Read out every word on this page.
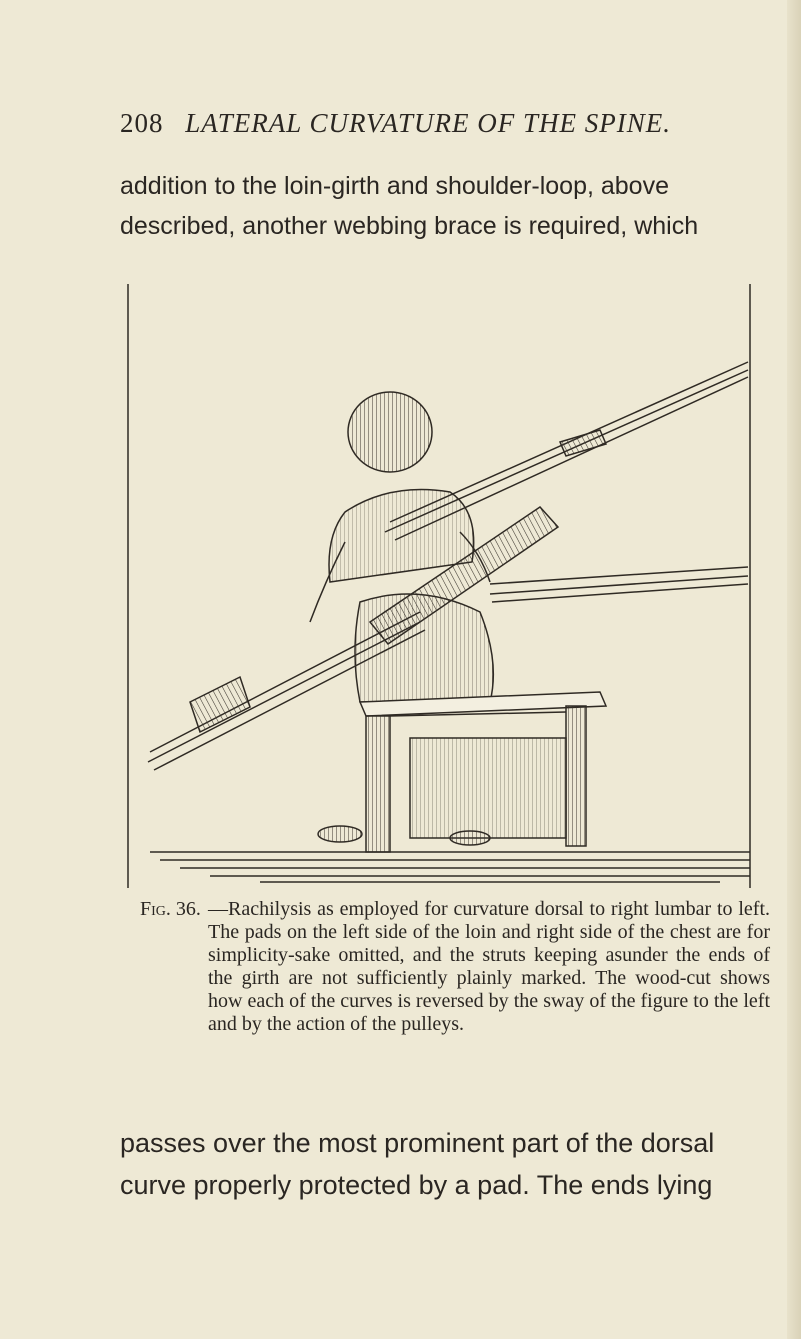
208 LATERAL CURVATURE OF THE SPINE.

addition to the loin-girth and shoulder-loop, above described, another webbing brace is required, which

Fig. 36. —Rachilysis as employed for curvature dorsal to right lumbar to left. The pads on the left side of the loin and right side of the chest are for simplicity-sake omitted, and the struts keeping asunder the ends of the girth are not sufficiently plainly marked. The wood-cut shows how each of the curves is reversed by the sway of the figure to the left and by the action of the pulleys.

passes over the most prominent part of the dorsal curve properly protected by a pad. The ends lying
